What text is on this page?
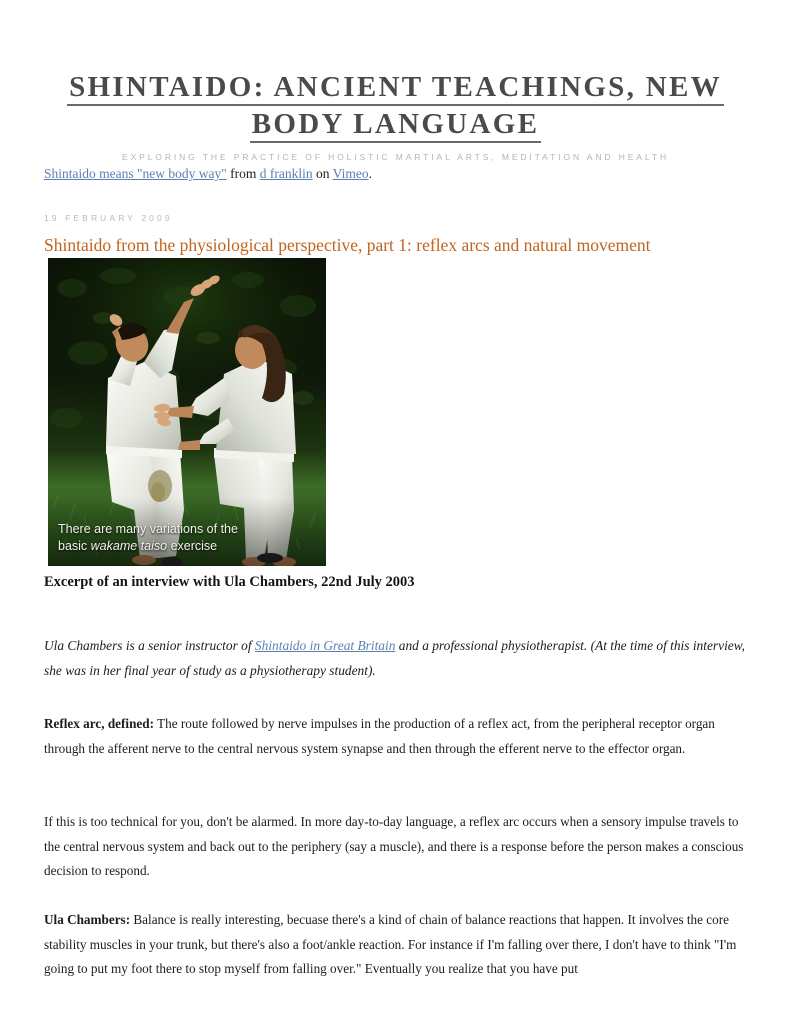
SHINTAIDO: ANCIENT TEACHINGS, NEW
BODY LANGUAGE

EXPLORING THE PRACTICE OF HOLISTIC MARTIAL ARTS, MEDITATION AND HEALTH

Shintaido means "new body way" from d franklin on Vimeo.
19 FEBRUARY 2009
Shintaido from the physiological perspective, part 1: reflex arcs and natural movement
There are many variations of the
basic wakame taiso exercise
Excerpt of an interview with Ula Chambers, 22nd July 2003

Ula Chambers is a senior instructor of Shintaido in Great Britain and a professional physiotherapist. (At the time of this interview, she was in her final year of study as a physiotherapy student).

Reflex arc, defined: The route followed by nerve impulses in the production of a reflex act, from the peripheral receptor organ through the afferent nerve to the central nervous system synapse and then through the efferent nerve to the effector organ.

If this is too technical for you, don't be alarmed. In more day-to-day language, a reflex arc occurs when a sensory impulse travels to the central nervous system and back out to the periphery (say a muscle), and there is a response before the person makes a conscious decision to respond.

Ula Chambers: Balance is really interesting, becuase there's a kind of chain of balance reactions that happen. It involves the core stability muscles in your trunk, but there's also a foot/ankle reaction. For instance if I'm falling over there, I don't have to think "I'm going to put my foot there to stop myself from falling over." Eventually you realize that you have put
